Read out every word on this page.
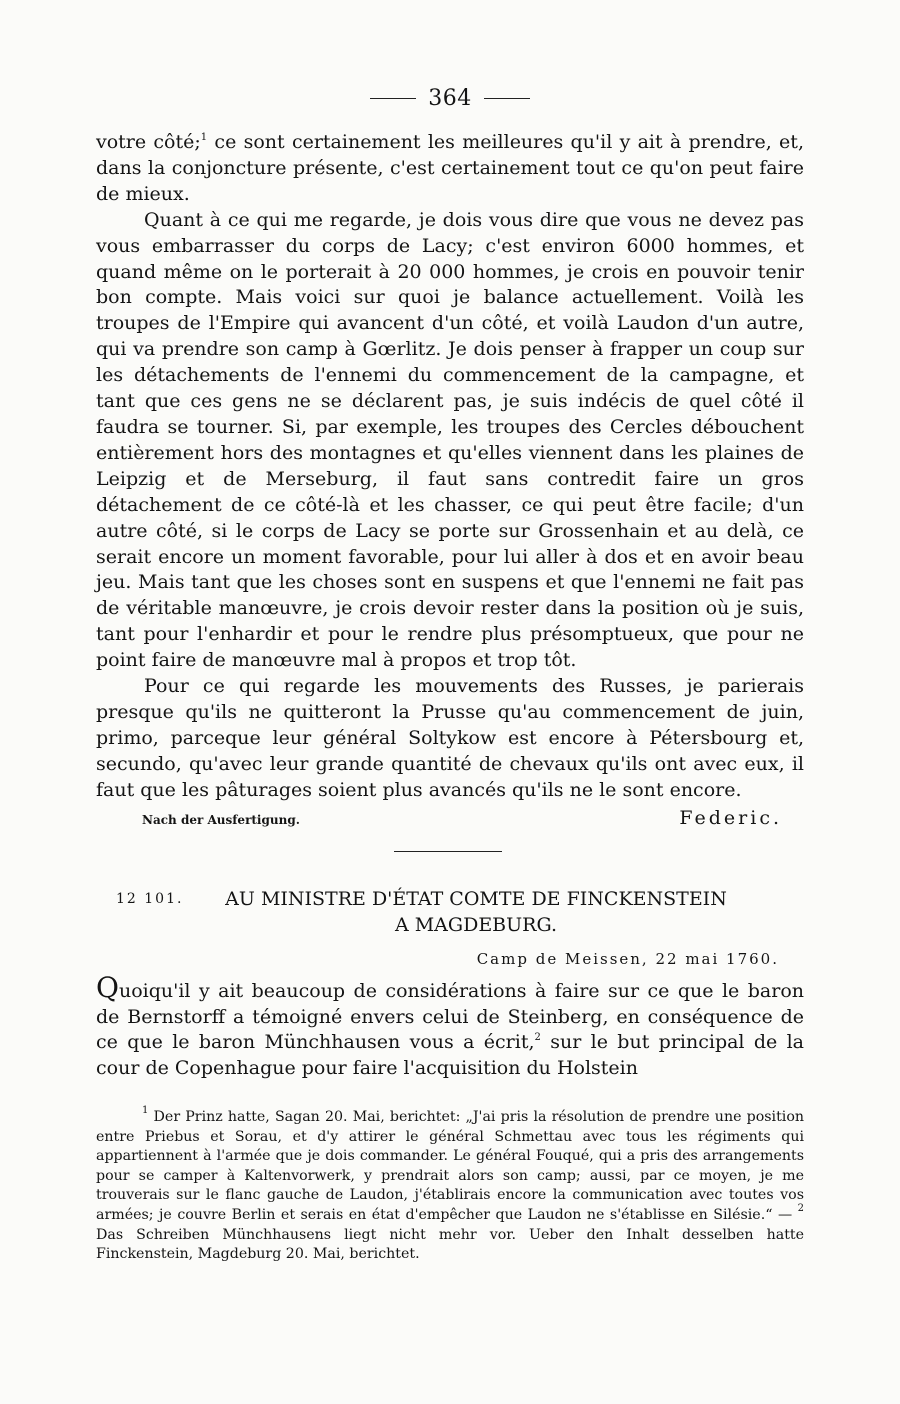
364

votre côté;$^1$ ce sont certainement les meilleures qu'il y ait à prendre, et, dans la conjoncture présente, c'est certainement tout ce qu'on peut faire de mieux.

Quant à ce qui me regarde, je dois vous dire que vous ne devez pas vous embarrasser du corps de Lacy; c'est environ 6000 hommes, et quand même on le porterait à 20 000 hommes, je crois en pouvoir tenir bon compte. Mais voici sur quoi je balance actuellement. Voilà les troupes de l'Empire qui avancent d'un côté, et voilà Laudon d'un autre, qui va prendre son camp à Gœrlitz. Je dois penser à frapper un coup sur les détachements de l'ennemi du commencement de la campagne, et tant que ces gens ne se déclarent pas, je suis indécis de quel côté il faudra se tourner. Si, par exemple, les troupes des Cercles débouchent entièrement hors des montagnes et qu'elles viennent dans les plaines de Leipzig et de Merseburg, il faut sans contredit faire un gros détachement de ce côté-là et les chasser, ce qui peut être facile; d'un autre côté, si le corps de Lacy se porte sur Grossenhain et au delà, ce serait encore un moment favorable, pour lui aller à dos et en avoir beau jeu. Mais tant que les choses sont en suspens et que l'ennemi ne fait pas de véritable manœuvre, je crois devoir rester dans la position où je suis, tant pour l'enhardir et pour le rendre plus présomptueux, que pour ne point faire de manœuvre mal à propos et trop tôt.

Pour ce qui regarde les mouvements des Russes, je parierais presque qu'ils ne quitteront la Prusse qu'au commencement de juin, primo, parceque leur général Soltykow est encore à Pétersbourg et, secundo, qu'avec leur grande quantité de chevaux qu'ils ont avec eux, il faut que les pâturages soient plus avancés qu'ils ne le sont encore.

Nach der Ausfertigung.	Federic.
12 101.	AU MINISTRE D'ÉTAT COMTE DE FINCKENSTEIN
A MAGDEBURG.
Camp de Meissen, 22 mai 1760.
Quoiqu'il y ait beaucoup de considérations à faire sur ce que le baron de Bernstorff a témoigné envers celui de Steinberg, en conséquence de ce que le baron Münchhausen vous a écrit,$^2$ sur le but principal de la cour de Copenhague pour faire l'acquisition du Holstein

$^1$ Der Prinz hatte, Sagan 20. Mai, berichtet: „J'ai pris la résolution de prendre une position entre Priebus et Sorau, et d'y attirer le général Schmettau avec tous les régiments qui appartiennent à l'armée que je dois commander. Le général Fouqué, qui a pris des arrangements pour se camper à Kaltenvorwerk, y prendrait alors son camp; aussi, par ce moyen, je me trouverais sur le flanc gauche de Laudon, j'établirais encore la communication avec toutes vos armées; je couvre Berlin et serais en état d'empêcher que Laudon ne s'établisse en Silésie.“ — $^2$ Das Schreiben Münchhausens liegt nicht mehr vor. Ueber den Inhalt desselben hatte Finckenstein, Magdeburg 20. Mai, berichtet.
